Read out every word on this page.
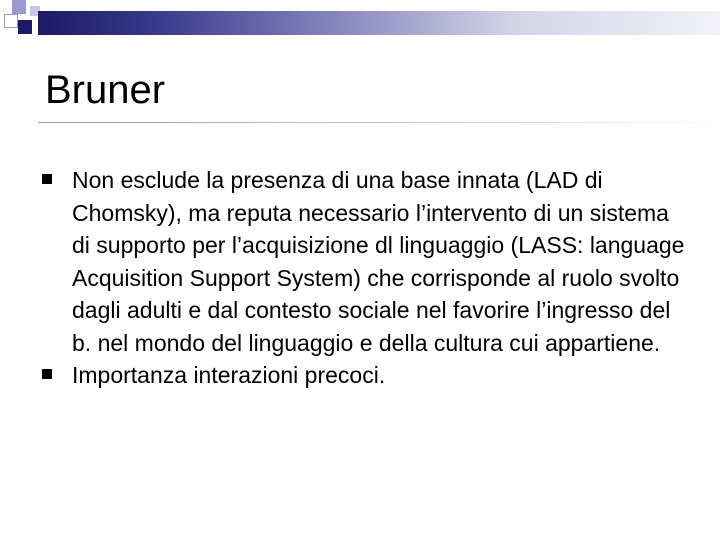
Bruner
Non esclude la presenza di una base innata (LAD di Chomsky), ma reputa necessario l’intervento di un sistema di supporto per l’acquisizione dl linguaggio (LASS: language Acquisition Support System) che corrisponde al ruolo svolto dagli adulti e dal contesto sociale nel favorire l’ingresso del b. nel mondo del linguaggio e della cultura cui appartiene.
Importanza interazioni precoci.
